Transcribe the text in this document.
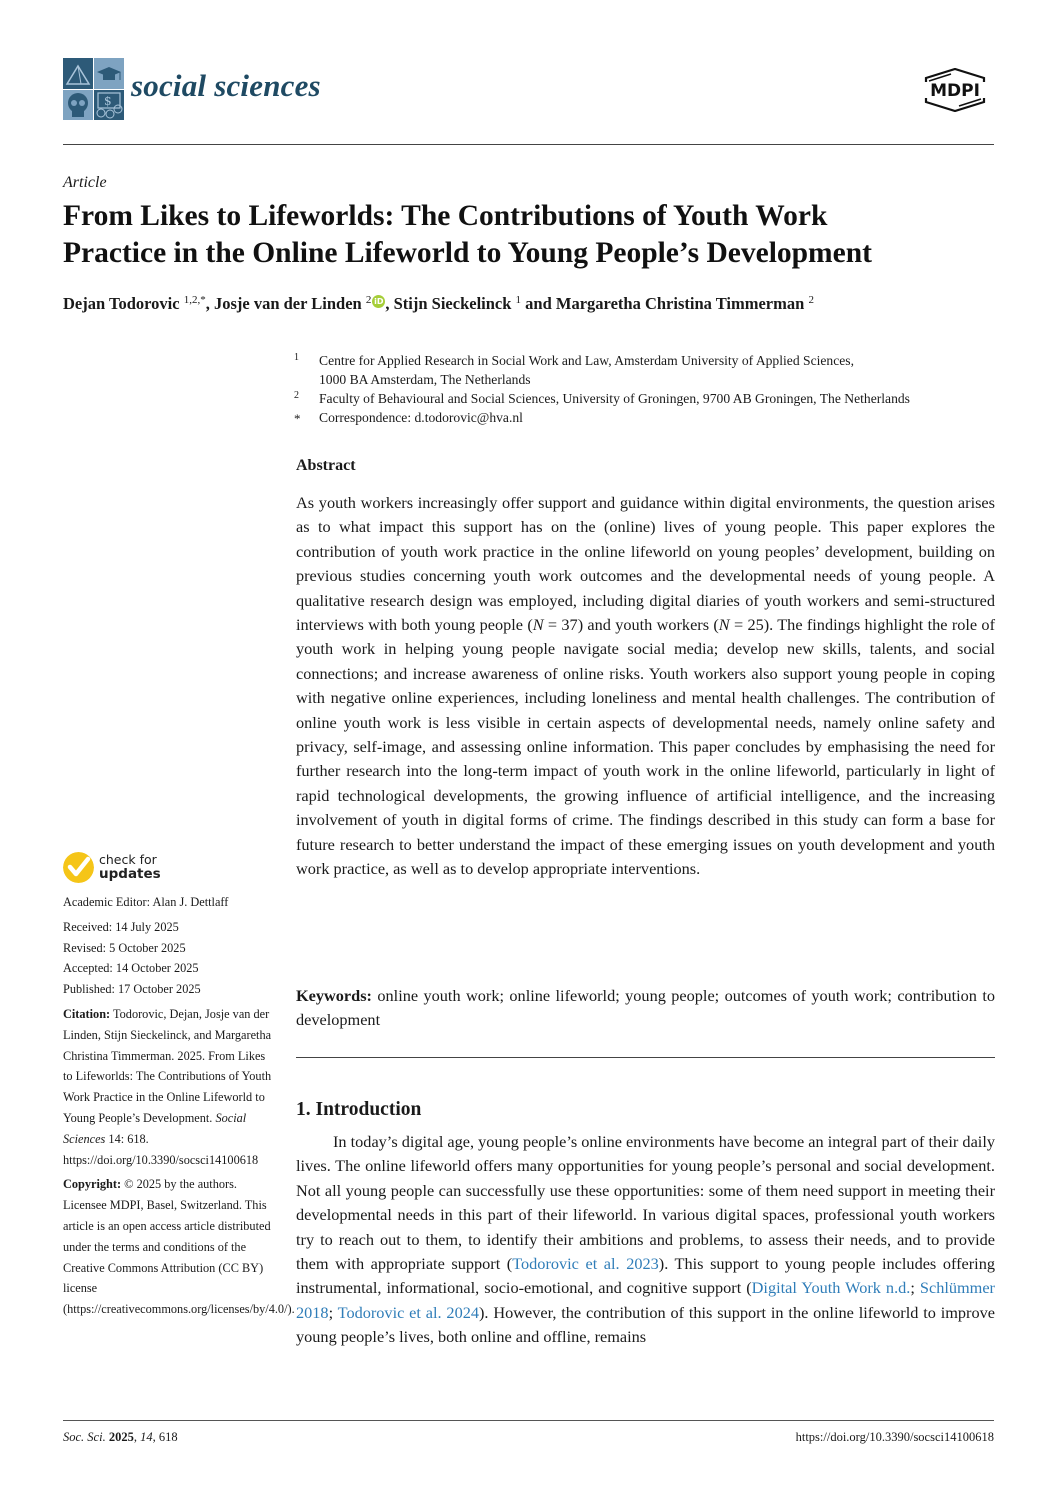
$ social sciences	MDPI
Article
From Likes to Lifeworlds: The Contributions of Youth Work
Practice in the Online Lifeworld to Young People’s Development
Dejan Todorovic $^{1,2,*}$, Josje van der Linden $^2$ iD , Stijn Sieckelinck $^1$ and Margaretha Christina Timmerman $^2$
1 Centre for Applied Research in Social Work and Law, Amsterdam University of Applied Sciences,
1000 BA Amsterdam, The Netherlands
2 Faculty of Behavioural and Social Sciences, University of Groningen, 9700 AB Groningen, The Netherlands
* Correspondence: d.todorovic@hva.nl
Abstract

As youth workers increasingly offer support and guidance within digital environments, the question arises as to what impact this support has on the (online) lives of young people. This paper explores the contribution of youth work practice in the online lifeworld on young peoples’ development, building on previous studies concerning youth work outcomes and the developmental needs of young people. A qualitative research design was employed, including digital diaries of youth workers and semi-structured interviews with both young people (N = 37) and youth workers (N = 25). The findings highlight the role of youth work in helping young people navigate social media; develop new skills, talents, and social connections; and increase awareness of online risks. Youth workers also support young people in coping with negative online experiences, including loneliness and mental health challenges. The contribution of online youth work is less visible in certain aspects of developmental needs, namely online safety and privacy, self-image, and assessing online information. This paper concludes by emphasising the need for further research into the long-term impact of youth work in the online lifeworld, particularly in light of rapid technological developments, the growing influence of artificial intelligence, and the increasing involvement of youth in digital forms of crime. The findings described in this study can form a base for future research to better understand the impact of these emerging issues on youth development and youth work practice, as well as to develop appropriate interventions.

Keywords: online youth work; online lifeworld; young people; outcomes of youth work; contribution to development

1. Introduction

In today’s digital age, young people’s online environments have become an integral part of their daily lives. The online lifeworld offers many opportunities for young people’s personal and social development. Not all young people can successfully use these opportunities: some of them need support in meeting their developmental needs in this part of their lifeworld. In various digital spaces, professional youth workers try to reach out to them, to identify their ambitions and problems, to assess their needs, and to provide them with appropriate support (Todorovic et al. 2023). This support to young people includes offering instrumental, informational, socio-emotional, and cognitive support (Digital Youth Work n.d.; Schlümmer 2018; Todorovic et al. 2024). However, the contribution of this support in the online lifeworld to improve young people’s lives, both online and offline, remains

check for
updates

Academic Editor: Alan J. Dettlaff

Received: 14 July 2025

Revised: 5 October 2025

Accepted: 14 October 2025

Published: 17 October 2025

Citation: Todorovic, Dejan, Josje van der Linden, Stijn Sieckelinck, and Margaretha Christina Timmerman. 2025. From Likes to Lifeworlds: The Contributions of Youth Work Practice in the Online Lifeworld to Young People’s Development. Social Sciences 14: 618. https://doi.org/10.3390/socsci14100618

Copyright: © 2025 by the authors. Licensee MDPI, Basel, Switzerland. This article is an open access article distributed under the terms and conditions of the Creative Commons Attribution (CC BY) license (https://creativecommons.org/licenses/by/4.0/).

Soc. Sci. 2025, 14, 618	https://doi.org/10.3390/socsci14100618
